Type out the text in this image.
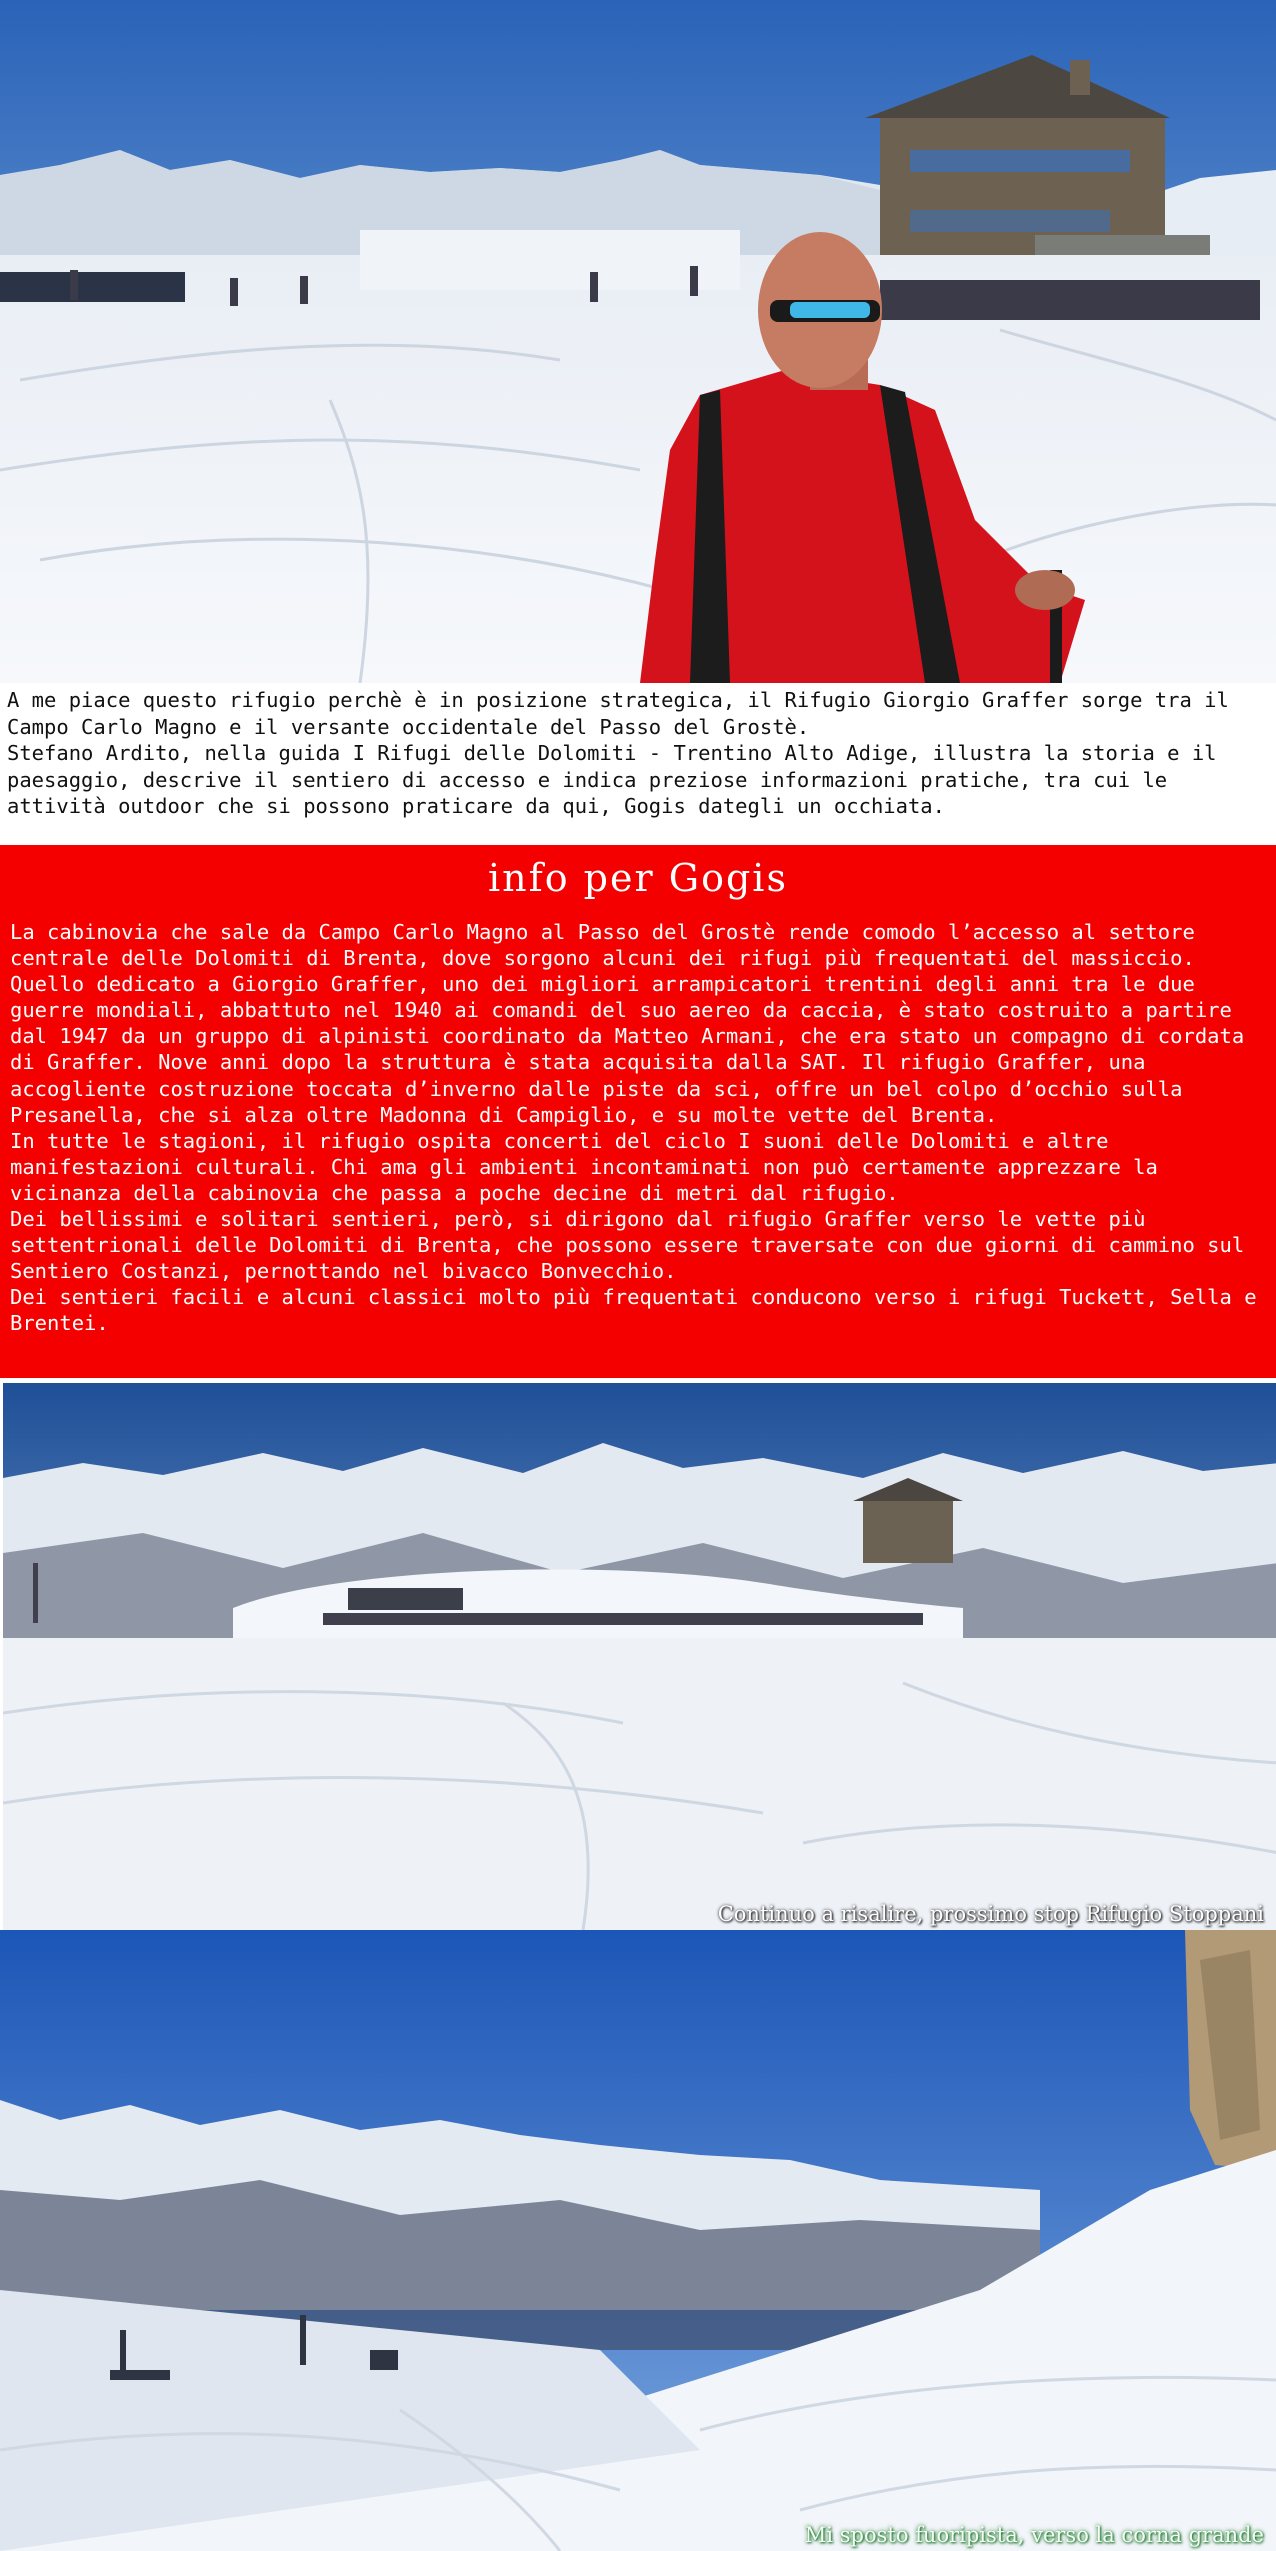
A me piace questo rifugio perchè è in posizione strategica, il Rifugio Giorgio Graffer sorge tra il Campo Carlo Magno e il versante occidentale del Passo del Grostè.
Stefano Ardito, nella guida I Rifugi delle Dolomiti - Trentino Alto Adige, illustra la storia e il paesaggio, descrive il sentiero di accesso e indica preziose informazioni pratiche, tra cui le attività outdoor che si possono praticare da qui, Gogis dategli un occhiata.

info per Gogis

La cabinovia che sale da Campo Carlo Magno al Passo del Grostè rende comodo l’accesso al settore centrale delle Dolomiti di Brenta, dove sorgono alcuni dei rifugi più frequentati del massiccio. Quello dedicato a Giorgio Graffer, uno dei migliori arrampicatori trentini degli anni tra le due guerre mondiali, abbattuto nel 1940 ai comandi del suo aereo da caccia, è stato costruito a partire dal 1947 da un gruppo di alpinisti coordinato da Matteo Armani, che era stato un compagno di cordata di Graffer. Nove anni dopo la struttura è stata acquisita dalla SAT. Il rifugio Graffer, una accogliente costruzione toccata d’inverno dalle piste da sci, offre un bel colpo d’occhio sulla Presanella, che si alza oltre Madonna di Campiglio, e su molte vette del Brenta.
In tutte le stagioni, il rifugio ospita concerti del ciclo I suoni delle Dolomiti e altre manifestazioni culturali. Chi ama gli ambienti incontaminati non può certamente apprezzare la vicinanza della cabinovia che passa a poche decine di metri dal rifugio.
Dei bellissimi e solitari sentieri, però, si dirigono dal rifugio Graffer verso le vette più settentrionali delle Dolomiti di Brenta, che possono essere traversate con due giorni di cammino sul Sentiero Costanzi, pernottando nel bivacco Bonvecchio.
Dei sentieri facili e alcuni classici molto più frequentati conducono verso i rifugi Tuckett, Sella e Brentei.

Continuo a risalire, prossimo stop Rifugio Stoppani
Mi sposto fuoripista, verso la corna grande
